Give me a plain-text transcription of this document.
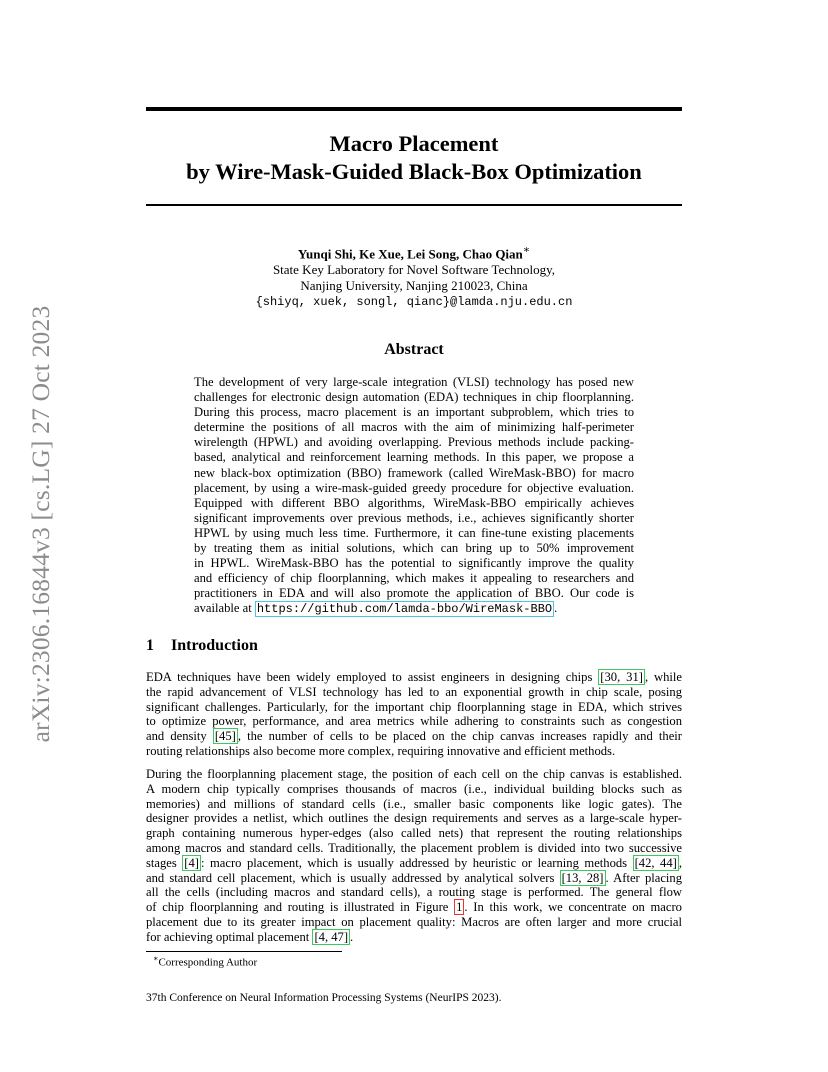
arXiv:2306.16844v3 [cs.LG] 27 Oct 2023
Macro Placement
by Wire-Mask-Guided Black-Box Optimization
Yunqi Shi, Ke Xue, Lei Song, Chao Qian∗
State Key Laboratory for Novel Software Technology,
Nanjing University, Nanjing 210023, China
{shiyq, xuek, songl, qianc}@lamda.nju.edu.cn
Abstract
The development of very large-scale integration (VLSI) technology has posed new
challenges for electronic design automation (EDA) techniques in chip floorplanning.
During this process, macro placement is an important subproblem, which tries to
determine the positions of all macros with the aim of minimizing half-perimeter
wirelength (HPWL) and avoiding overlapping. Previous methods include packing-
based, analytical and reinforcement learning methods. In this paper, we propose a
new black-box optimization (BBO) framework (called WireMask-BBO) for macro
placement, by using a wire-mask-guided greedy procedure for objective evaluation.
Equipped with different BBO algorithms, WireMask-BBO empirically achieves
significant improvements over previous methods, i.e., achieves significantly shorter
HPWL by using much less time. Furthermore, it can fine-tune existing placements
by treating them as initial solutions, which can bring up to 50% improvement
in HPWL. WireMask-BBO has the potential to significantly improve the quality
and efficiency of chip floorplanning, which makes it appealing to researchers and
practitioners in EDA and will also promote the application of BBO. Our code is
available at https://github.com/lamda-bbo/WireMask-BBO .
1 Introduction
EDA techniques have been widely employed to assist engineers in designing chips [30, 31] , while
the rapid advancement of VLSI technology has led to an exponential growth in chip scale, posing
significant challenges. Particularly, for the important chip floorplanning stage in EDA, which strives
to optimize power, performance, and area metrics while adhering to constraints such as congestion
and density [45] , the number of cells to be placed on the chip canvas increases rapidly and their
routing relationships also become more complex, requiring innovative and efficient methods.
During the floorplanning placement stage, the position of each cell on the chip canvas is established.
A modern chip typically comprises thousands of macros (i.e., individual building blocks such as
memories) and millions of standard cells (i.e., smaller basic components like logic gates). The
designer provides a netlist, which outlines the design requirements and serves as a large-scale hyper-
graph containing numerous hyper-edges (also called nets) that represent the routing relationships
among macros and standard cells. Traditionally, the placement problem is divided into two successive
stages [4] : macro placement, which is usually addressed by heuristic or learning methods [42, 44] ,
and standard cell placement, which is usually addressed by analytical solvers [13, 28] . After placing
all the cells (including macros and standard cells), a routing stage is performed. The general flow
of chip floorplanning and routing is illustrated in Figure 1 . In this work, we concentrate on macro
placement due to its greater impact on placement quality: Macros are often larger and more crucial
for achieving optimal placement [4, 47] .
∗Corresponding Author
37th Conference on Neural Information Processing Systems (NeurIPS 2023).
